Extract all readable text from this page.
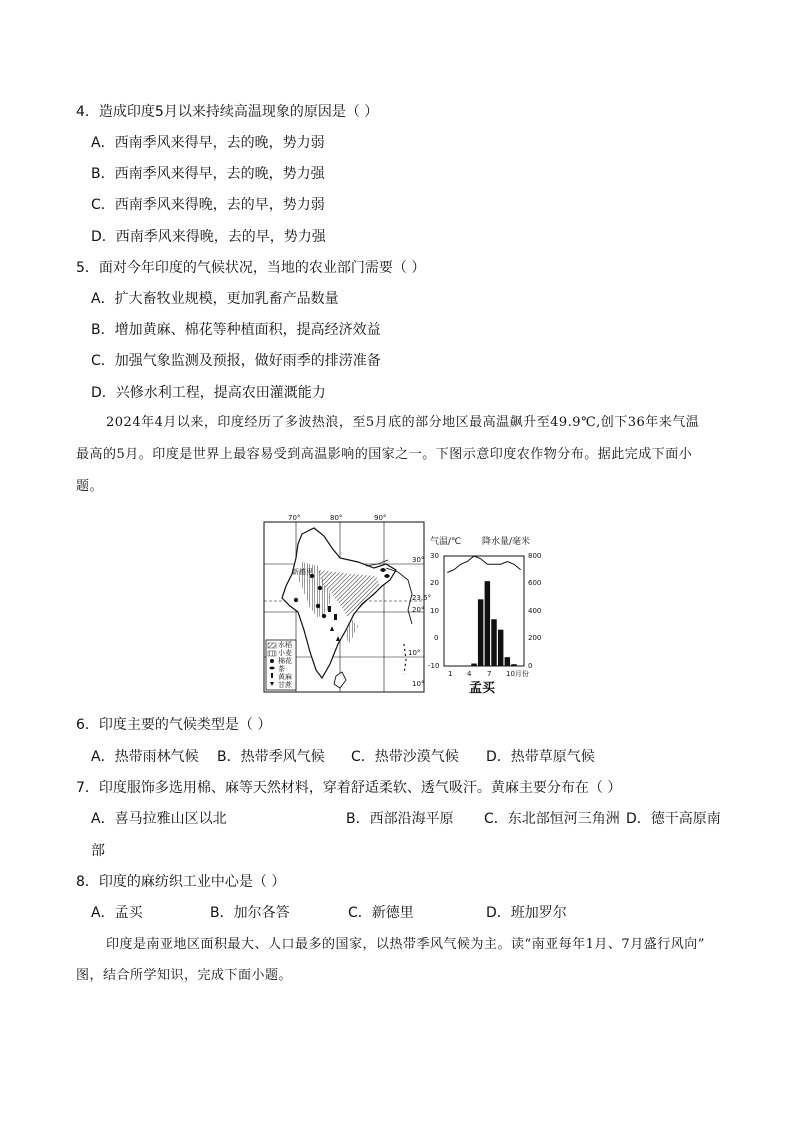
4．造成印度5月以来持续高温现象的原因是（ ）
A．西南季风来得早，去的晚，势力弱
B．西南季风来得早，去的晚，势力强
C．西南季风来得晚，去的早，势力弱
D．西南季风来得晚，去的早，势力强
5．面对今年印度的气候状况，当地的农业部门需要（ ）
A．扩大畜牧业规模，更加乳畜产品数量
B．增加黄麻、棉花等种植面积，提高经济效益
C．加强气象监测及预报，做好雨季的排涝准备
D．兴修水利工程，提高农田灌溉能力
2024年4月以来，印度经历了多波热浪，至5月底的部分地区最高温飙升至49.9℃,创下36年来气温
最高的5月。印度是世界上最容易受到高温影响的国家之一。下图示意印度农作物分布。据此完成下面小
题。
70°	80°	90°
30°
23.5°
20°
10°
10°
新德里
水稻
小麦
棉花
茶
黄麻
甘蔗
气温/℃ 降水量/毫米
30
20
10
0
-10
800
600
400
200
0
1 4 7 10月份
孟买
6．印度主要的气候类型是（ ）
A．热带雨林气候 B．热带季风气候 C．热带沙漠气候 D．热带草原气候
7．印度服饰多选用棉、麻等天然材料，穿着舒适柔软、透气吸汗。黄麻主要分布在（ ）
A．喜马拉雅山区以北	B．西部沿海平原 C．东北部恒河三角洲 D．德干高原南
部
8．印度的麻纺织工业中心是（ ）
A．孟买	B．加尔各答	C．新德里	D．班加罗尔
印度是南亚地区面积最大、人口最多的国家，以热带季风气候为主。读“南亚每年1月、7月盛行风向”
图，结合所学知识，完成下面小题。
